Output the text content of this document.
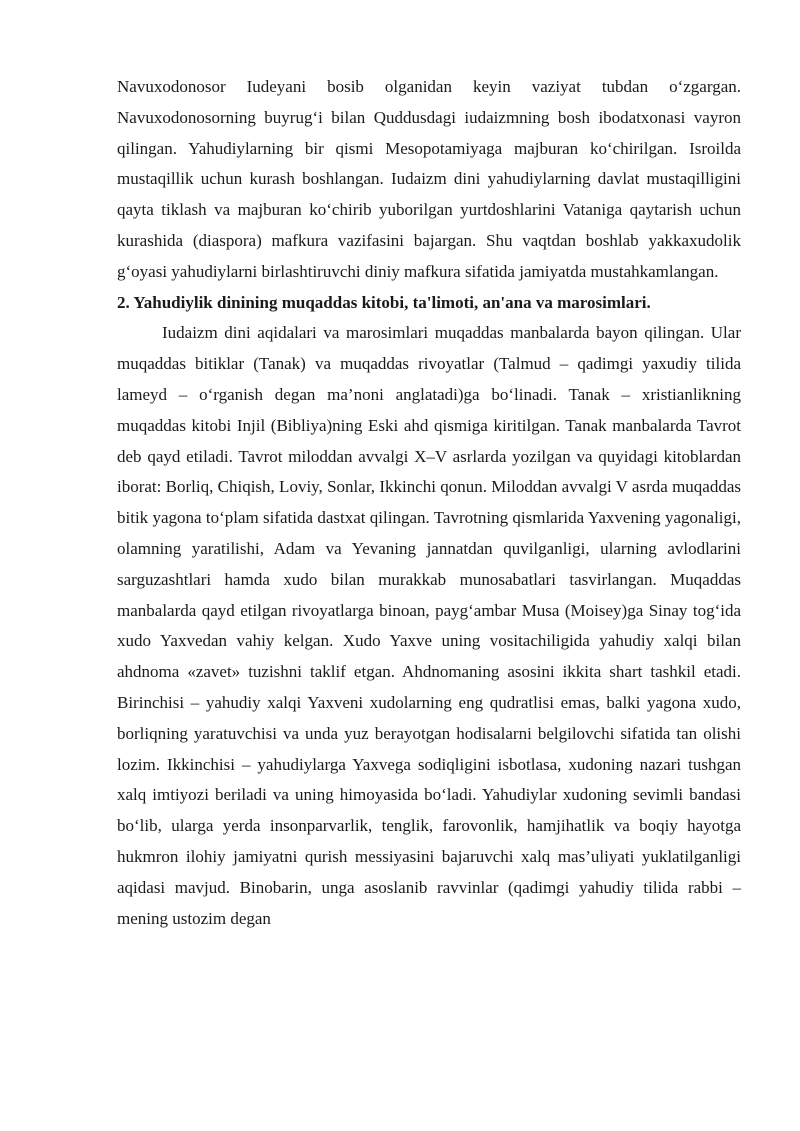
Navuxodonosor Iudeyani bosib olganidan keyin vaziyat tubdan o‘zgargan. Navuxodonosorning buyrug‘i bilan Quddusdagi iudaizmning bosh ibodatxonasi vayron qilingan. Yahudiylarning bir qismi Mesopotamiyaga majburan ko‘chirilgan. Isroilda mustaqillik uchun kurash boshlangan. Iudaizm dini yahudiylarning davlat mustaqilligini qayta tiklash va majburan ko‘chirib yuborilgan yurtdoshlarini Vataniga qaytarish uchun kurashida (diaspora) mafkura vazifasini bajargan. Shu vaqtdan boshlab yakkaxudolik g‘oyasi yahudiylarni birlashtiruvchi diniy mafkura sifatida jamiyatda mustahkamlangan.

2. Yahudiylik dinining muqaddas kitobi, ta'limoti, an'ana va marosimlari.

Iudaizm dini aqidalari va marosimlari muqaddas manbalarda bayon qilingan. Ular muqaddas bitiklar (Tanak) va muqaddas rivoyatlar (Talmud – qadimgi yaxudiy tilida lameyd – o‘rganish degan ma’noni anglatadi)ga bo‘linadi. Tanak – xristianlikning muqaddas kitobi Injil (Bibliya)ning Eski ahd qismiga kiritilgan. Tanak manbalarda Tavrot deb qayd etiladi. Tavrot miloddan avvalgi X–V asrlarda yozilgan va quyidagi kitoblardan iborat: Borliq, Chiqish, Loviy, Sonlar, Ikkinchi qonun. Miloddan avvalgi V asrda muqaddas bitik yagona to‘plam sifatida dastxat qilingan. Tavrotning qismlarida Yaxvening yagonaligi, olamning yaratilishi, Adam va Yevaning jannatdan quvilganligi, ularning avlodlarini sarguzashtlari hamda xudo bilan murakkab munosabatlari tasvirlangan. Muqaddas manbalarda qayd etilgan rivoyatlarga binoan, payg‘ambar Musa (Moisey)ga Sinay tog‘ida xudo Yaxvedan vahiy kelgan. Xudo Yaxve uning vositachiligida yahudiy xalqi bilan ahdnoma «zavet» tuzishni taklif etgan. Ahdnomaning asosini ikkita shart tashkil etadi. Birinchisi – yahudiy xalqi Yaxveni xudolarning eng qudratlisi emas, balki yagona xudo, borliqning yaratuvchisi va unda yuz berayotgan hodisalarni belgilovchi sifatida tan olishi lozim. Ikkinchisi – yahudiylarga Yaxvega sodiqligini isbotlasa, xudoning nazari tushgan xalq imtiyozi beriladi va uning himoyasida bo‘ladi. Yahudiylar xudoning sevimli bandasi bo‘lib, ularga yerda insonparvarlik, tenglik, farovonlik, hamjihatlik va boqiy hayotga hukmron ilohiy jamiyatni qurish messiyasini bajaruvchi xalq mas’uliyati yuklatilganligi aqidasi mavjud. Binobarin, unga asoslanib ravvinlar (qadimgi yahudiy tilida rabbi – mening ustozim degan
